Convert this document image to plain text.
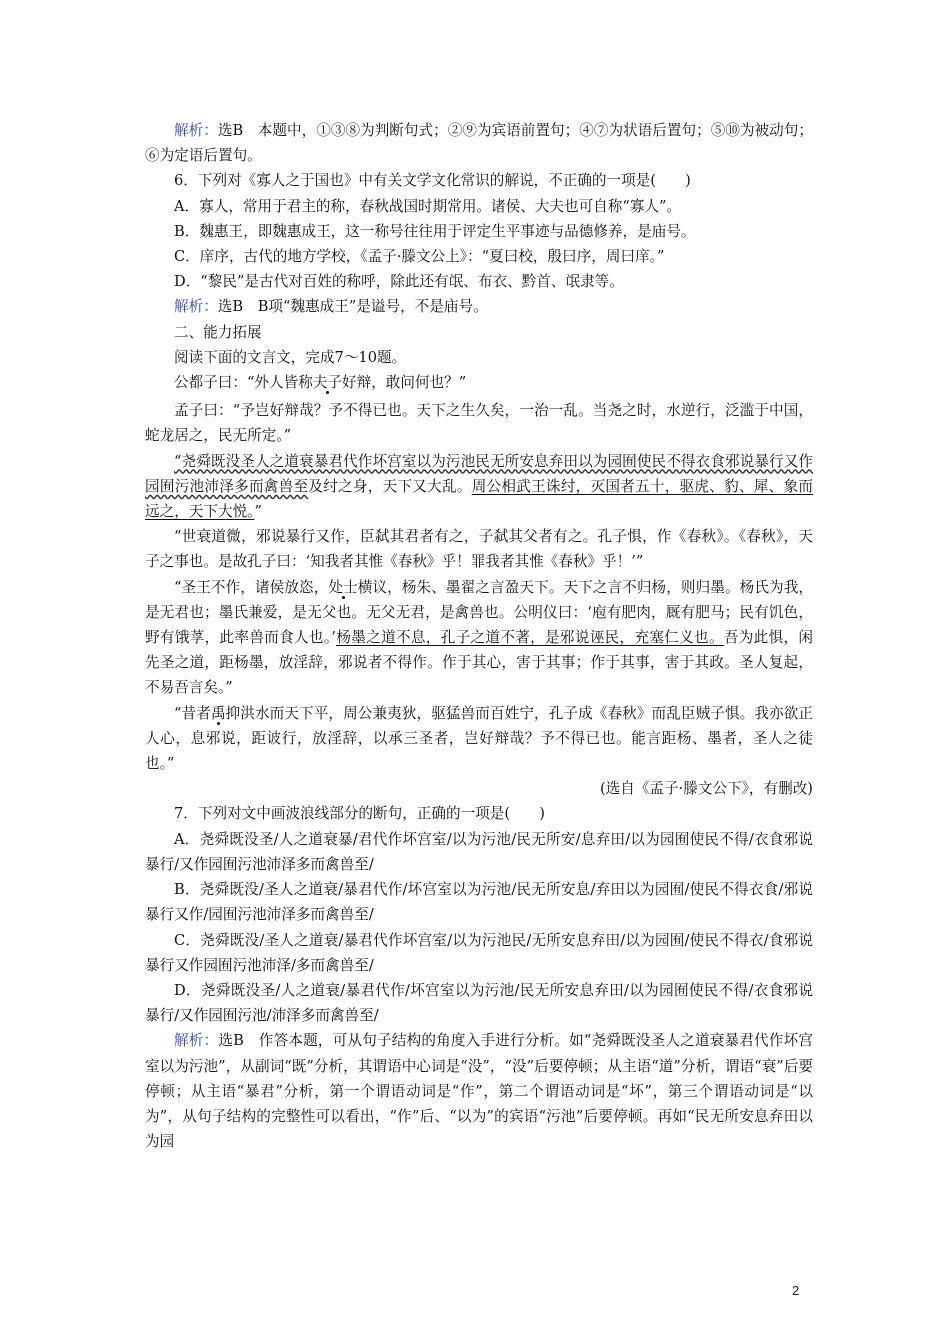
解析：选B　本题中，①③⑧为判断句式；②⑨为宾语前置句；④⑦为状语后置句；⑤⑩为被动句；⑥为定语后置句。

6．下列对《寡人之于国也》中有关文学文化常识的解说，不正确的一项是(　　)

A．寡人，常用于君主的称，春秋战国时期常用。诸侯、大夫也可自称“寡人”。

B．魏惠王，即魏惠成王，这一称号往往用于评定生平事迹与品德修养，是庙号。

C．庠序，古代的地方学校，《孟子·滕文公上》：“夏曰校，殷曰序，周曰庠。”

D．“黎民”是古代对百姓的称呼，除此还有氓、布衣、黔首、氓隶等。

解析：选B　B项“魏惠成王”是谥号，不是庙号。

二、能力拓展

阅读下面的文言文，完成7～10题。

公都子曰：“外人皆称夫子好辩，敢问何也？”

孟子曰：“予岂好辩哉？予不得已也。天下之生久矣，一治一乱。当尧之时，水逆行，泛滥于中国，蛇龙居之，民无所定。”

“尧舜既没圣人之道衰暴君代作坏宫室以为污池民无所安息弃田以为园囿使民不得衣食邪说暴行又作园囿污池沛泽多而禽兽至及纣之身，天下又大乱。周公相武王诛纣，灭国者五十，驱虎、豹、犀、象而远之，天下大悦。”

“世衰道微，邪说暴行又作，臣弑其君者有之，子弑其父者有之。孔子惧，作《春秋》。《春秋》，天子之事也。是故孔子曰：‘知我者其惟《春秋》乎！罪我者其惟《春秋》乎！’”

“圣王不作，诸侯放恣，处士横议，杨朱、墨翟之言盈天下。天下之言不归杨，则归墨。杨氏为我，是无君也；墨氏兼爱，是无父也。无父无君，是禽兽也。公明仪曰：‘庖有肥肉，厩有肥马；民有饥色，野有饿莩，此率兽而食人也。’杨墨之道不息，孔子之道不著，是邪说诬民，充塞仁义也。吾为此惧，闲先圣之道，距杨墨，放淫辞，邪说者不得作。作于其心，害于其事；作于其事，害于其政。圣人复起，不易吾言矣。”

“昔者禹抑洪水而天下平，周公兼夷狄，驱猛兽而百姓宁，孔子成《春秋》而乱臣贼子惧。我亦欲正人心，息邪说，距诐行，放淫辞，以承三圣者，岂好辩哉？予不得已也。能言距杨、墨者，圣人之徒也。”

(选自《孟子·滕文公下》，有删改)

7．下列对文中画波浪线部分的断句，正确的一项是(　　)

A．尧舜既没圣/人之道衰暴/君代作坏宫室/以为污池/民无所安/息弃田/以为园囿使民不得/衣食邪说暴行/又作园囿污池沛泽多而禽兽至/

B．尧舜既没/圣人之道衰/暴君代作/坏宫室以为污池/民无所安息/弃田以为园囿/使民不得衣食/邪说暴行又作/园囿污池沛泽多而禽兽至/

C．尧舜既没/圣人之道衰/暴君代作坏宫室/以为污池民/无所安息弃田/以为园囿/使民不得衣/食邪说暴行又作园囿污池沛泽/多而禽兽至/

D．尧舜既没圣/人之道衰/暴君代作/坏宫室以为污池/民无所安息弃田/以为园囿使民不得/衣食邪说暴行/又作园囿污池/沛泽多而禽兽至/

解析：选B　作答本题，可从句子结构的角度入手进行分析。如“尧舜既没圣人之道衰暴君代作坏宫室以为污池”，从副词“既”分析，其谓语中心词是“没”，“没”后要停顿；从主语“道”分析，谓语“衰”后要停顿；从主语“暴君”分析，第一个谓语动词是“作”，第二个谓语动词是“坏”，第三个谓语动词是“以为”，从句子结构的完整性可以看出，“作”后、“以为”的宾语“污池”后要停顿。再如“民无所安息弃田以为园

2
